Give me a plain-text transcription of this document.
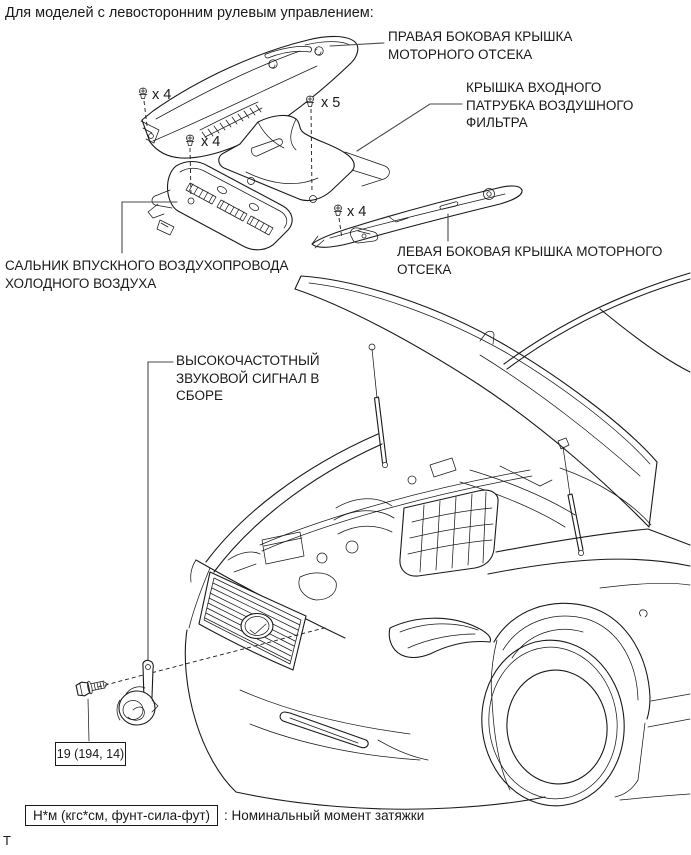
x 4
x 4
x 5
x 4
Для моделей с левосторонним рулевым управлением:
ПРАВАЯ БОКОВАЯ КРЫШКА
МОТОРНОГО ОТСЕКА
КРЫШКА ВХОДНОГО
ПАТРУБКА ВОЗДУШНОГО
ФИЛЬТРА
ЛЕВАЯ БОКОВАЯ КРЫШКА МОТОРНОГО
ОТСЕКА
САЛЬНИК ВПУСКНОГО ВОЗДУХОПРОВОДА
ХОЛОДНОГО ВОЗДУХА
ВЫСОКОЧАСТОТНЫЙ
ЗВУКОВОЙ СИГНАЛ В
СБОРЕ
19 (194, 14)
Н*м (кгс*см, фунт-сила-фут)	: Номинальный момент затяжки
Т
